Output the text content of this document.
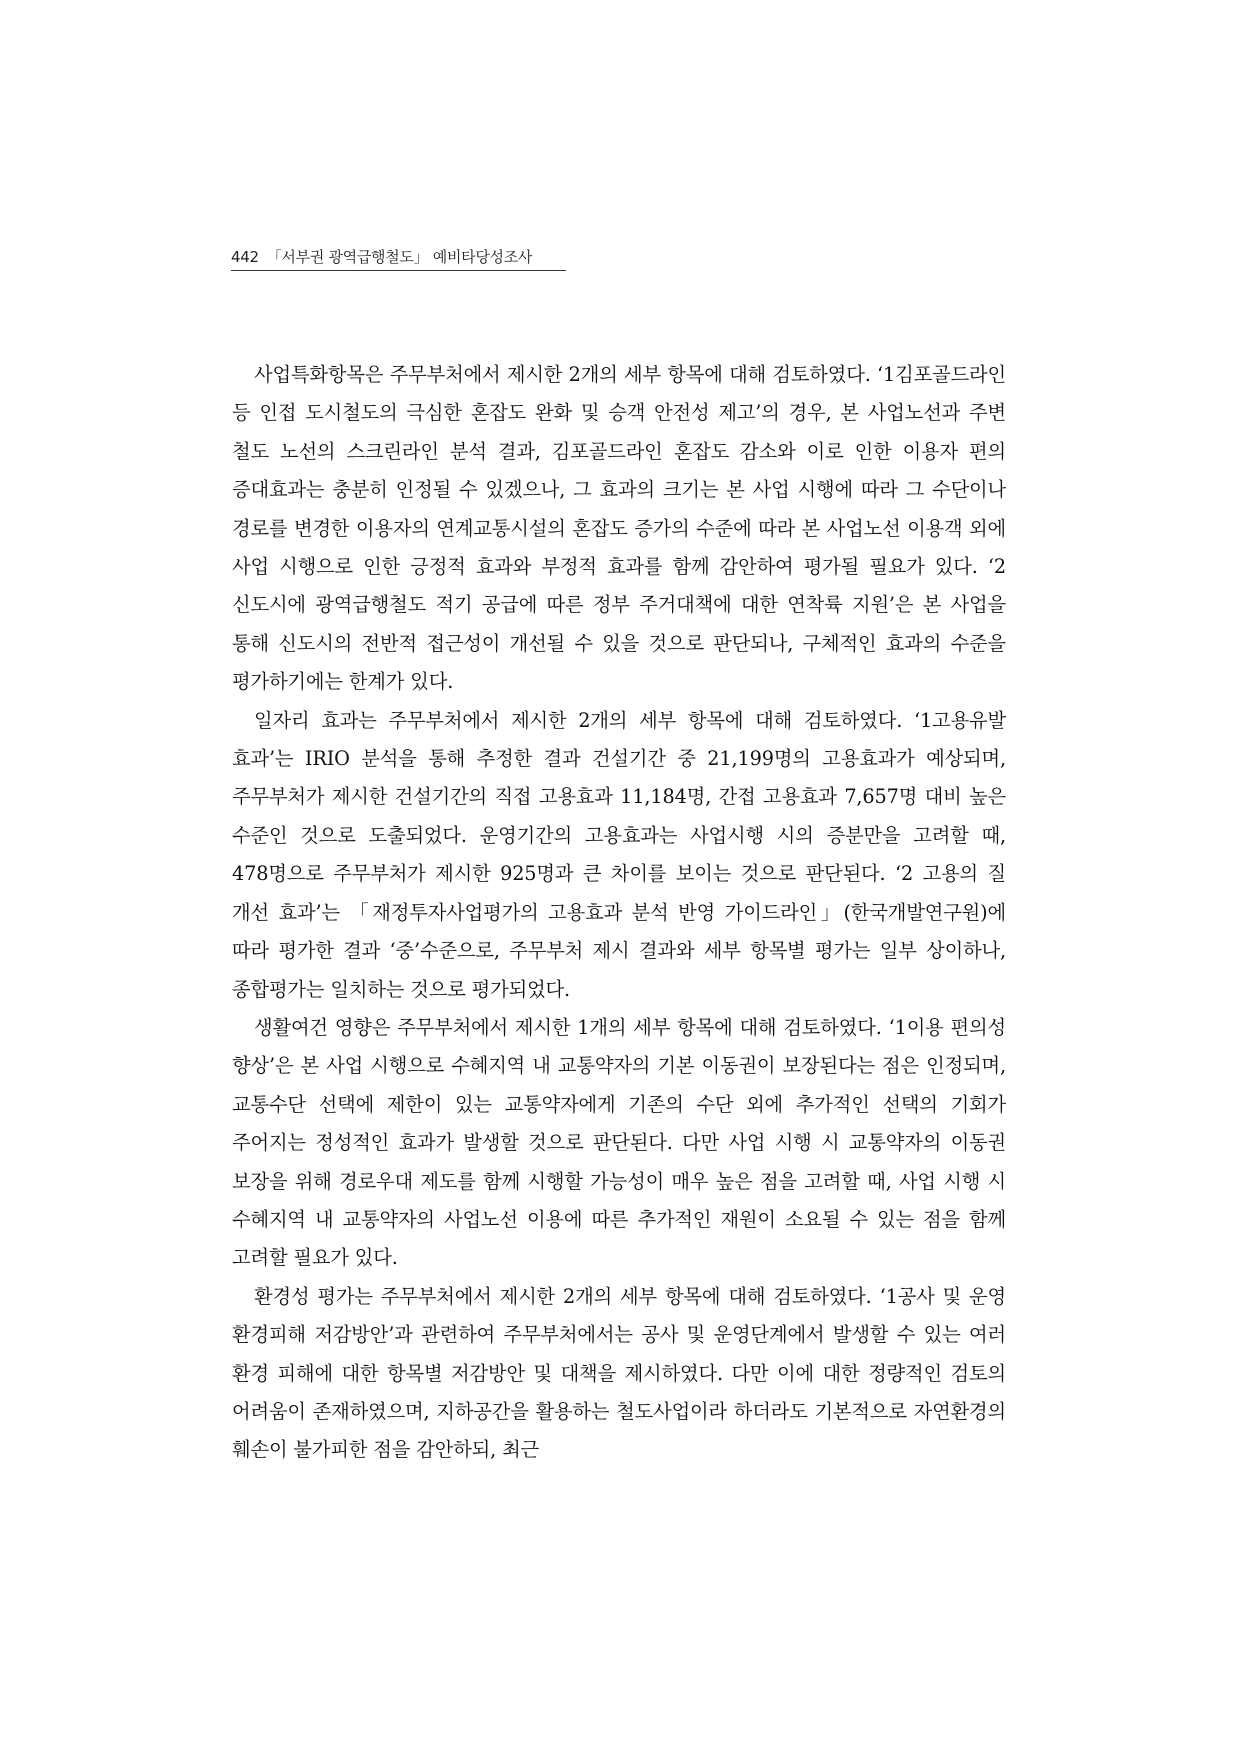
442 「서부권 광역급행철도」 예비타당성조사

사업특화항목은 주무부처에서 제시한 2개의 세부 항목에 대해 검토하였다. ‘1김포골드라인 등 인접 도시철도의 극심한 혼잡도 완화 및 승객 안전성 제고’의 경우, 본 사업노선과 주변 철도 노선의 스크린라인 분석 결과, 김포골드라인 혼잡도 감소와 이로 인한 이용자 편의 증대효과는 충분히 인정될 수 있겠으나, 그 효과의 크기는 본 사업 시행에 따라 그 수단이나 경로를 변경한 이용자의 연계교통시설의 혼잡도 증가의 수준에 따라 본 사업노선 이용객 외에 사업 시행으로 인한 긍정적 효과와 부정적 효과를 함께 감안하여 평가될 필요가 있다. ‘2 신도시에 광역급행철도 적기 공급에 따른 정부 주거대책에 대한 연착륙 지원’은 본 사업을 통해 신도시의 전반적 접근성이 개선될 수 있을 것으로 판단되나, 구체적인 효과의 수준을 평가하기에는 한계가 있다.

일자리 효과는 주무부처에서 제시한 2개의 세부 항목에 대해 검토하였다. ‘1고용유발 효과’는 IRIO 분석을 통해 추정한 결과 건설기간 중 21,199명의 고용효과가 예상되며, 주무부처가 제시한 건설기간의 직접 고용효과 11,184명, 간접 고용효과 7,657명 대비 높은 수준인 것으로 도출되었다. 운영기간의 고용효과는 사업시행 시의 증분만을 고려할 때, 478명으로 주무부처가 제시한 925명과 큰 차이를 보이는 것으로 판단된다. ‘2 고용의 질 개선 효과’는 「재정투자사업평가의 고용효과 분석 반영 가이드라인」(한국개발연구원)에 따라 평가한 결과 ‘중’수준으로, 주무부처 제시 결과와 세부 항목별 평가는 일부 상이하나, 종합평가는 일치하는 것으로 평가되었다.

생활여건 영향은 주무부처에서 제시한 1개의 세부 항목에 대해 검토하였다. ‘1이용 편의성 향상’은 본 사업 시행으로 수혜지역 내 교통약자의 기본 이동권이 보장된다는 점은 인정되며, 교통수단 선택에 제한이 있는 교통약자에게 기존의 수단 외에 추가적인 선택의 기회가 주어지는 정성적인 효과가 발생할 것으로 판단된다. 다만 사업 시행 시 교통약자의 이동권 보장을 위해 경로우대 제도를 함께 시행할 가능성이 매우 높은 점을 고려할 때, 사업 시행 시 수혜지역 내 교통약자의 사업노선 이용에 따른 추가적인 재원이 소요될 수 있는 점을 함께 고려할 필요가 있다.

환경성 평가는 주무부처에서 제시한 2개의 세부 항목에 대해 검토하였다. ‘1공사 및 운영 환경피해 저감방안’과 관련하여 주무부처에서는 공사 및 운영단계에서 발생할 수 있는 여러 환경 피해에 대한 항목별 저감방안 및 대책을 제시하였다. 다만 이에 대한 정량적인 검토의 어려움이 존재하였으며, 지하공간을 활용하는 철도사업이라 하더라도 기본적으로 자연환경의 훼손이 불가피한 점을 감안하되, 최근
